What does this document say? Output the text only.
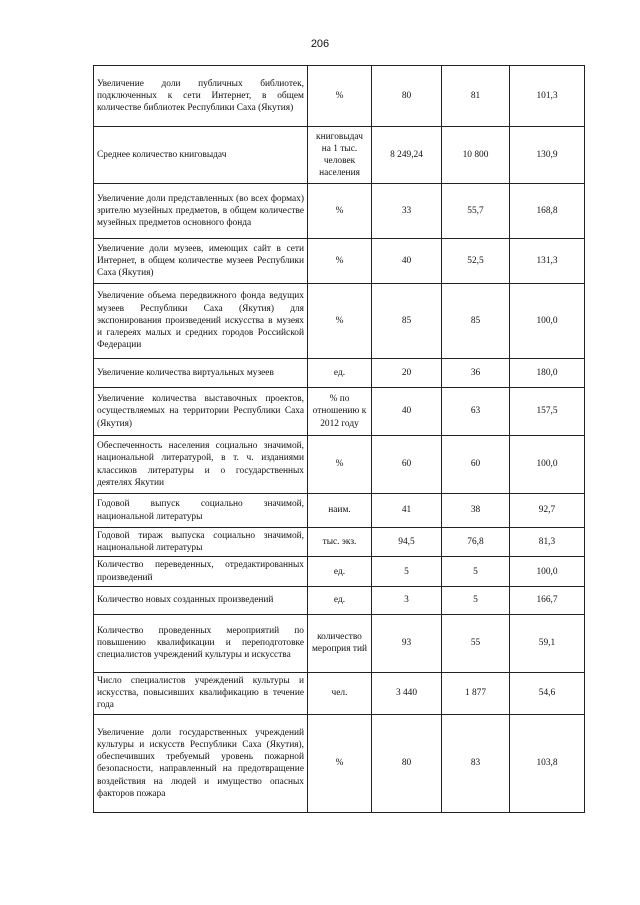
206
Увеличение доли публичных библиотек, подключенных к сети Интернет, в общем количестве библиотек Республики Саха (Якутия)	%	80	81	101,3
Среднее количество книговыдач	книговыдач на 1 тыс. человек населения	8 249,24	10 800	130,9
Увеличение доли представленных (во всех формах) зрителю музейных предметов, в общем количестве музейных предметов основного фонда	%	33	55,7	168,8
Увеличение доли музеев, имеющих сайт в сети Интернет, в общем количестве музеев Республики Саха (Якутия)	%	40	52,5	131,3
Увеличение объема передвижного фонда ведущих музеев Республики Саха (Якутия) для экспонирования произведений искусства в музеях и галереях малых и средних городов Российской Федерации	%	85	85	100,0
Увеличение количества виртуальных музеев	ед.	20	36	180,0
Увеличение количества выставочных проектов, осуществляемых на территории Республики Саха (Якутия)	% по отношению к 2012 году	40	63	157,5
Обеспеченность населения социально значимой, национальной литературой, в т. ч. изданиями классиков литературы и о государственных деятелях Якутии	%	60	60	100,0
Годовой выпуск социально значимой, национальной литературы	наим.	41	38	92,7
Годовой тираж выпуска социально значимой, национальной литературы	тыс. экз.	94,5	76,8	81,3
Количество переведенных, отредактированных произведений	ед.	5	5	100,0
Количество новых созданных произведений	ед.	3	5	166,7
Количество проведенных мероприятий по повышению квалификации и переподготовке специалистов учреждений культуры и искусства	количество мероприя тий	93	55	59,1
Число специалистов учреждений культуры и искусства, повысивших квалификацию в течение года	чел.	3 440	1 877	54,6
Увеличение доли государственных учреждений культуры и искусств Республики Саха (Якутия), обеспечивших требуемый уровень пожарной безопасности, направленный на предотвращение воздействия на людей и имущество опасных факторов пожара	%	80	83	103,8
